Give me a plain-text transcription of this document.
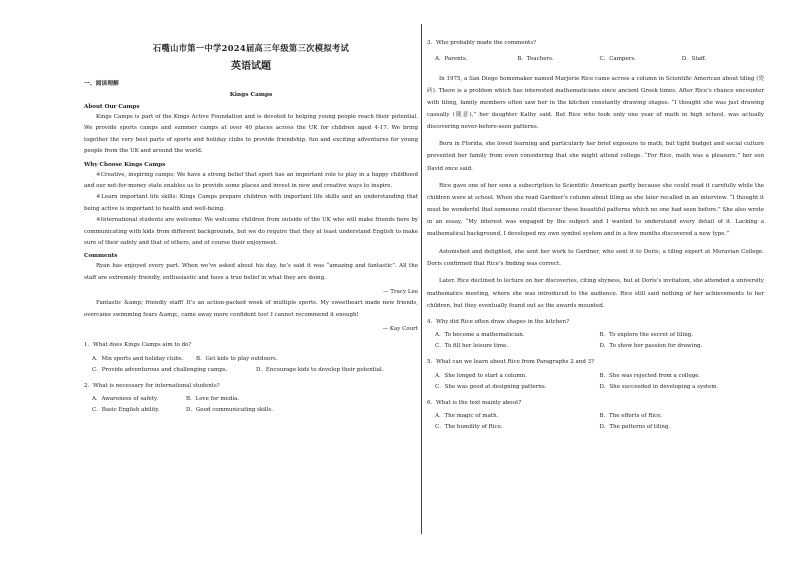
石嘴山市第一中学2024届高三年级第三次模拟考试
英语试题
一、阅读理解
Kings Camps
About Our Camps

Kings Camps is part of the Kings Active Foundation and is devoted to helping young people reach their potential. We provide sports camps and summer camps at over 40 places across the UK for children aged 4-17. We bring together the very best parts of sports and holiday clubs to provide friendship, fun and exciting adventures for young people from the UK and around the world.

Why Choose Kings Camps

※Creative, inspiring camps: We have a strong belief that sport has an important role to play in a happy childhood and our not-for-money state enables us to provide some places and invest in new and creative ways to inspire.

※Learn important life skills: Kings Camps prepare children with important life skills and an understanding that being active is important to health and well-being.

※International students are welcome: We welcome children from outside of the UK who will make friends here by communicating with kids from different backgrounds, but we do require that they at least understand English to make sure of their safety and that of others, and of course their enjoyment.

Comments

Ryan has enjoyed every part. When we’ve asked about his day, he’s said it was “amazing and fantastic”. All the staff are extremely friendly, enthusiastic and have a true belief in what they are doing.

— Tracy Lee

Fantastic &amp; friendly staff! It’s an action-packed week of multiple sports. My sweetheart made new friends, overcame swimming fears &amp;, came away more confident too! I cannot recommend it enough!

— Kay Court
1．What does Kings Camps aim to do?
A．Mix sports and holiday clubs.	B．Get kids to play outdoors.
C．Provide adventurous and challenging camps.	D．Encourage kids to develop their potential.
2．What is necessary for international students?
A．Awareness of safety.	B．Love for media.
C．Basic English ability.	D．Good communicating skills.
3．Who probably made the comments?
A．Parents.	B．Teachers.	C．Campers.	D．Staff.

In 1975, a San Diego homemaker named Marjorie Rice came across a column in Scientific American about tiling (瓷砖). There is a problem which has interested mathematicians since ancient Greek times. After Rice’s chance encounter with tiling, family members often saw her in the kitchen constantly drawing shapes. “I thought she was just drawing casually (随意),” her daughter Kathy said. But Rice who took only one year of math in high school, was actually discovering never-before-seen patterns.

Born in Florida, she loved learning and particularly her brief exposure to math, but tight budget and social culture prevented her family from even considering that she might attend college. “For Rice, math was a pleasure,” her son David once said.

Rice gave one of her sons a subscription to Scientific American partly because she could read it carefully while the children were at school. When she read Gardner’s column about tiling as she later recalled in an interview. “I thought it must be wonderful that someone could discover these beautiful patterns which no one had seen before.” She also wrote in an essay, “My interest was engaged by the subject and I wanted to understand every detail of it. Lacking a mathematical background, I developed my own symbol system and in a few months discovered a new type.”

Astonished and delighted, she sent her work to Gardner, who sent it to Doris, a tiling expert at Moravian College. Doris confirmed that Rice’s finding was correct.

Later, Rice declined to lecture on her discoveries, citing shyness, but at Doris’s invitation, she attended a university mathematics meeting, where she was introduced to the audience. Rice still said nothing of her achievements to her children, but they eventually found out as the awards mounted.

4．Why did Rice often draw shapes in the kitchen?
A．To become a mathematician.	B．To explore the secret of tiling.
C．To fill her leisure time.	D．To show her passion for drawing.
5．What can we learn about Rice from Paragraphs 2 and 3?
A．She longed to start a column.	B．She was rejected from a college.
C．She was good at designing patterns.	D．She succeeded in developing a system.
6．What is the text mainly about?
A．The magic of math.	B．The efforts of Rice.
C．The humility of Rice.	D．The patterns of tiling.
